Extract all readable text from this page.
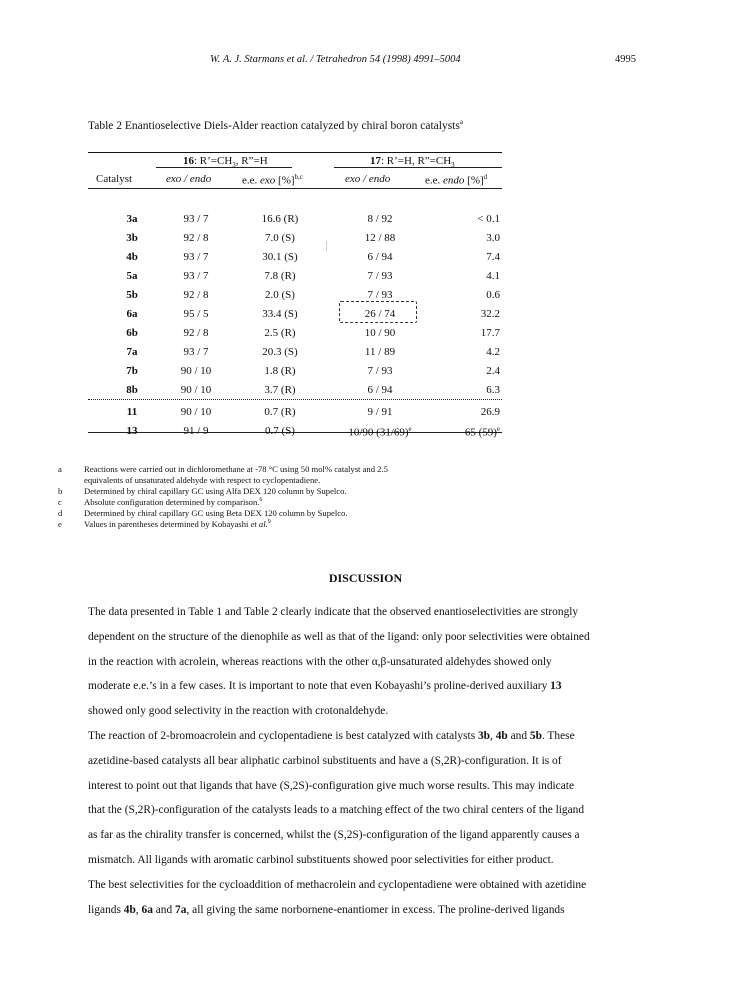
W. A. J. Starmans et al. / Tetrahedron 54 (1998) 4991–5004	4995
Table 2 Enantioselective Diels-Alder reaction catalyzed by chiral boron catalysts$^a$
16: $R’=CH_3$, R”=H	17: R’=H, $R”=CH_3$
Catalyst	exo / endo	e.e. exo [%]$^{b,c}$	exo / endo	e.e. endo [%]$^d$
3a	93 / 7	16.6 (R)	8 / 92	< 0.1
3b	92 / 8	7.0 (S)	12 / 88	3.0
4b	93 / 7	30.1 (S)	6 / 94	7.4
5a	93 / 7	7.8 (R)	7 / 93	4.1
5b	92 / 8	2.0 (S)	7 / 93	0.6
6a	95 / 5	33.4 (S)	26 / 74	32.2
6b	92 / 8	2.5 (R)	10 / 90	17.7
7a	93 / 7	20.3 (S)	11 / 89	4.2
7b	90 / 10	1.8 (R)	7 / 93	2.4
8b	90 / 10	3.7 (R)	6 / 94	6.3
11	90 / 10	0.7 (R)	9 / 91	26.9
13	91 / 9	0.7 (S)	10/90 $(31/69)^e$	65 $(59)^e$
a	Reactions were carried out in dichloromethane at -78 °C using 50 mol% catalyst and 2.5
equivalents of unsaturated aldehyde with respect to cyclopentadiene.
b	Determined by chiral capillary GC using Alfa DEX 120 column by Supelco.
c	Absolute configuration determined by comparison.$^6$
d	Determined by chiral capillary GC using Beta DEX 120 column by Supelco.
e	Values in parentheses determined by Kobayashi et al.$^9$
DISCUSSION
The data presented in Table 1 and Table 2 clearly indicate that the observed enantioselectivities are strongly
dependent on the structure of the dienophile as well as that of the ligand: only poor selectivities were obtained
in the reaction with acrolein, whereas reactions with the other α,β-unsaturated aldehydes showed only
moderate e.e.’s in a few cases. It is important to note that even Kobayashi’s proline-derived auxiliary 13
showed only good selectivity in the reaction with crotonaldehyde.
The reaction of 2-bromoacrolein and cyclopentadiene is best catalyzed with catalysts 3b, 4b and 5b. These
azetidine-based catalysts all bear aliphatic carbinol substituents and have a (S,2R)-configuration. It is of
interest to point out that ligands that have (S,2S)-configuration give much worse results. This may indicate
that the (S,2R)-configuration of the catalysts leads to a matching effect of the two chiral centers of the ligand
as far as the chirality transfer is concerned, whilst the (S,2S)-configuration of the ligand apparently causes a
mismatch. All ligands with aromatic carbinol substituents showed poor selectivities for either product.
The best selectivities for the cycloaddition of methacrolein and cyclopentadiene were obtained with azetidine
ligands 4b, 6a and 7a, all giving the same norbornene-enantiomer in excess. The proline-derived ligands
